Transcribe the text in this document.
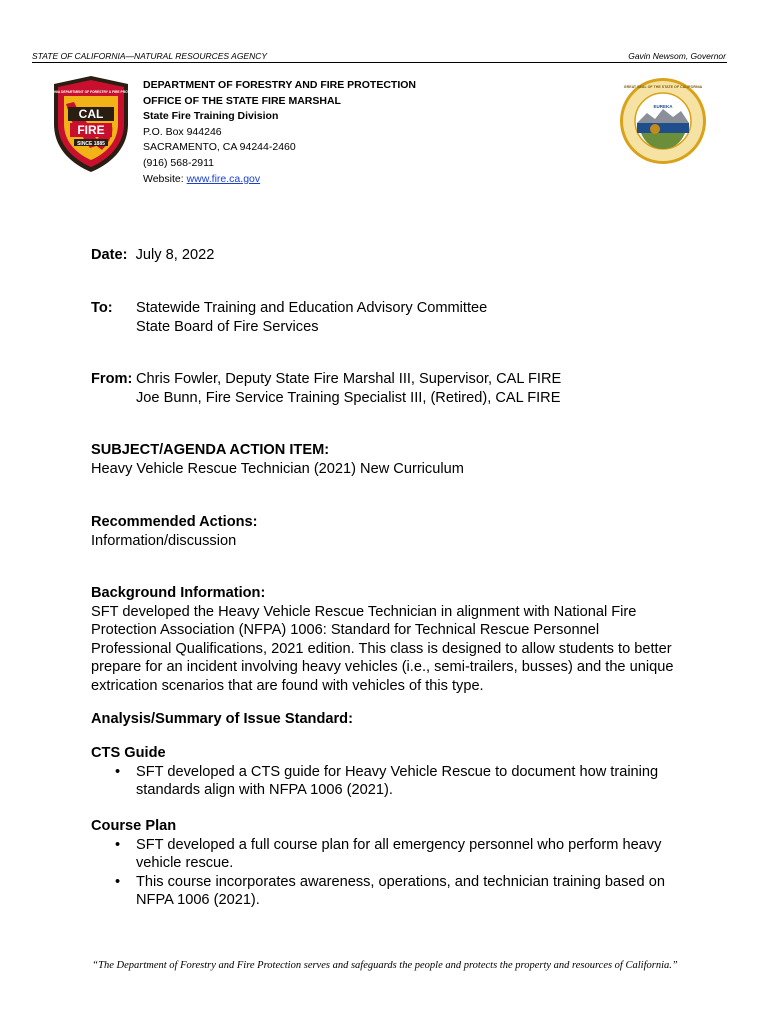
STATE OF CALIFORNIA—NATURAL RESOURCES AGENCY	Gavin Newsom, Governor
CAL
FIRE
SINCE 1885
CALIFORNIA DEPARTMENT OF FORESTRY & FIRE PROTECTION
DEPARTMENT OF FORESTRY AND FIRE PROTECTION
OFFICE OF THE STATE FIRE MARSHAL
State Fire Training Division
P.O. Box 944246
SACRAMENTO, CA 94244-2460
(916) 568-2911
Website: www.fire.ca.gov
EUREKA
GREAT SEAL OF THE STATE OF CALIFORNIA
Date: July 8, 2022
To: Statewide Training and Education Advisory Committee
State Board of Fire Services
From: Chris Fowler, Deputy State Fire Marshal III, Supervisor, CAL FIRE
Joe Bunn, Fire Service Training Specialist III, (Retired), CAL FIRE
SUBJECT/AGENDA ACTION ITEM:
Heavy Vehicle Rescue Technician (2021) New Curriculum
Recommended Actions:
Information/discussion
Background Information:
SFT developed the Heavy Vehicle Rescue Technician in alignment with National Fire
Protection Association (NFPA) 1006: Standard for Technical Rescue Personnel
Professional Qualifications, 2021 edition. This class is designed to allow students to better
prepare for an incident involving heavy vehicles (i.e., semi-trailers, busses) and the unique
extrication scenarios that are found with vehicles of this type.
Analysis/Summary of Issue Standard:
CTS Guide
• SFT developed a CTS guide for Heavy Vehicle Rescue to document how training
standards align with NFPA 1006 (2021).
Course Plan
• SFT developed a full course plan for all emergency personnel who perform heavy
vehicle rescue.
• This course incorporates awareness, operations, and technician training based on
NFPA 1006 (2021).
“The Department of Forestry and Fire Protection serves and safeguards the people and protects the property and resources of California.”
